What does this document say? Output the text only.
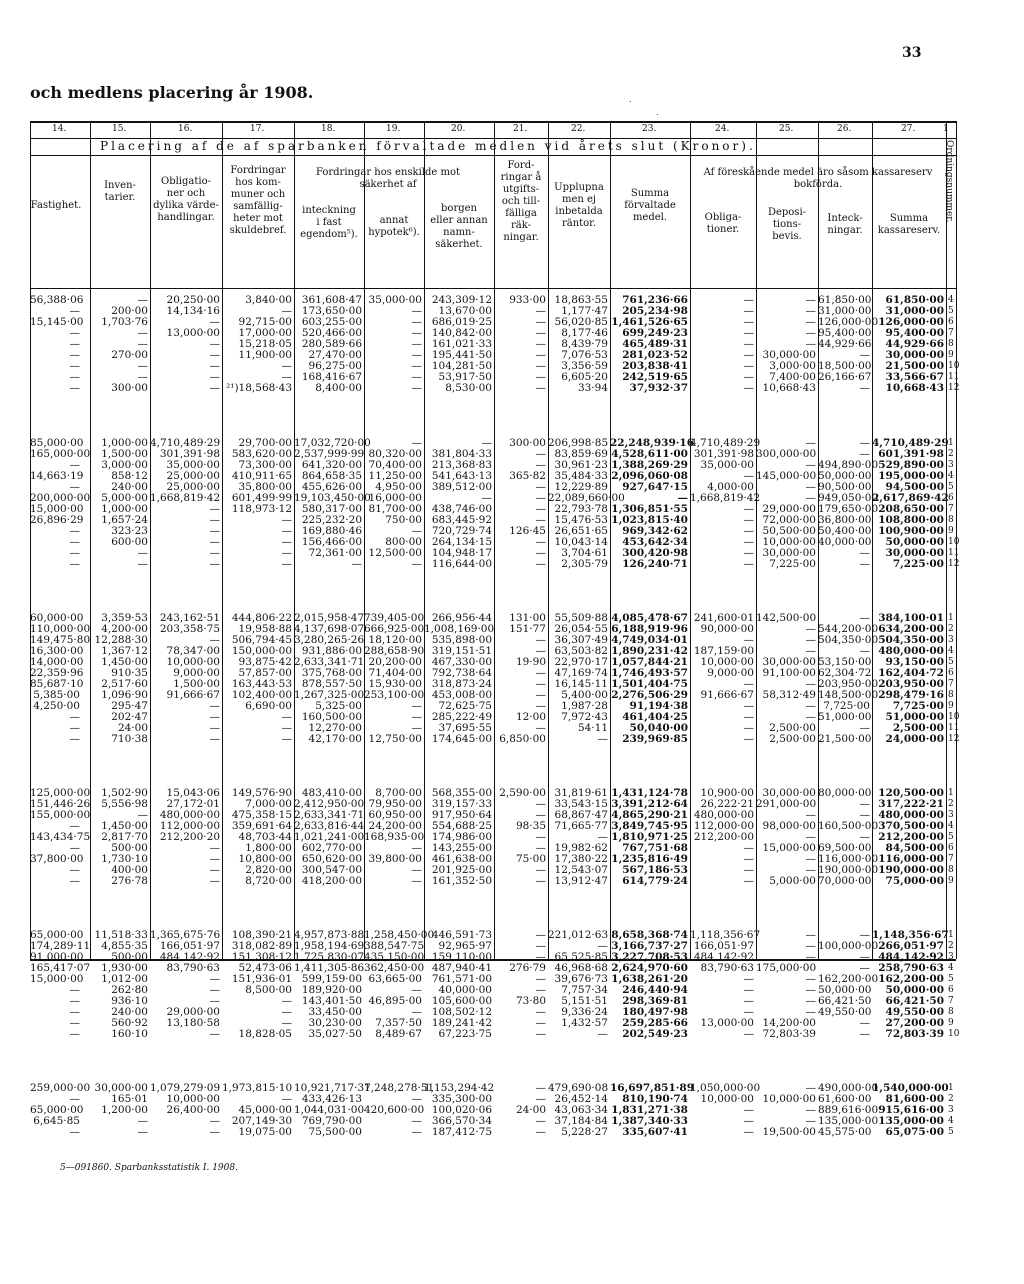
och medlens placering år 1908.
33
.
.
14.	15.	16.	17.	18.	19.	20.	21.	22.	23.	24.	25.	26.	27.	1
Placering af de af sparbanken förvaltade medlen vid årets slut (Kronor).
Fastighet.
Inven-
tarier.
Obligatio-
ner och
dylika värde-
handlingar.
Fordringar
hos kom-
muner och
samfällig-
heter mot
skuldebref.
Fordringar hos enskilde mot
säkerhet af
inteckning
i fast
egendom⁵).
annat
hypotek⁶).
borgen
eller annan
namn-
säkerhet.
Ford-
ringar å
utgifts-
och till-
fälliga
räk-
ningar.
Upplupna
men ej
inbetalda
räntor.
Summa
förvaltade
medel.
Af föreskående medel äro såsom kassareserv
bokförda.
Obliga-
tioner.
Deposi-
tions-
bevis.
Inteck-
ningar.
Summa
kassareserv.
Ordningsnummer.
56,388·06	—	20,250·00	3,840·00	361,608·47	35,000·00	243,309·12	933·00	18,863·55	761,236·66	—	—	61,850·00	61,850·00	4
—	200·00	14,134·16	—	173,650·00	—	13,670·00	—	1,177·47	205,234·98	—	—	31,000·00	31,000·00	5
15,145·00	1,703·76	—	92,715·00	603,255·00	—	686,019·25	—	56,020·85	1,461,526·65	—	—	126,000·00	126,000·00	6
—	—	13,000·00	17,000·00	520,466·00	—	140,842·00	—	8,177·46	699,249·23	—	—	95,400·00	95,400·00	7
—	—	—	15,218·05	280,589·66	—	161,021·33	—	8,439·79	465,489·31	—	—	44,929·66	44,929·66	8
—	270·00	—	11,900·00	27,470·00	—	195,441·50	—	7,076·53	281,023·52	—	30,000·00	—	30,000·00	9
—	—	—	—	96,275·00	—	104,281·50	—	3,356·59	203,838·41	—	3,000·00	18,500·00	21,500·00	10
—	—	—	—	168,416·67	—	53,917·50	—	6,605·20	242,519·65	—	7,400·00	26,166·67	33,566·67	11
—	300·00	—	²¹)18,568·43	8,400·00	—	8,530·00	—	33·94	37,932·37	—	10,668·43	—	10,668·43	12

85,000·00	1,000·00	4,710,489·29	29,700·00	17,032,720·00	—	—	300·00	206,998·85	22,248,939·16	4,710,489·29	—	—	4,710,489·29	1
165,000·00	1,500·00	301,391·98	583,620·00	2,537,999·99	80,320·00	381,804·33	—	83,859·69	4,528,611·00	301,391·98	300,000·00	—	601,391·98	2
—	3,000·00	35,000·00	73,300·00	641,320·00	70,400·00	213,368·83	—	30,961·23	1,388,269·29	35,000·00	—	494,890·00	529,890·00	3
14,663·19	858·12	25,000·00	410,911·65	864,658·35	11,250·00	541,643·13	365·82	35,484·33	2,096,060·08	—	145,000·00	50,000·00	195,000·00	4
—	240·00	25,000·00	35,800·00	455,626·00	4,950·00	389,512·00	—	12,229·89	927,647·15	4,000·00	—	90,500·00	94,500·00	5
200,000·00	5,000·00	1,668,819·42	601,499·99	19,103,450·00	16,000·00	—	—	22,089,660·00	—	1,668,819·42	—	949,050·00	2,617,869·42	6
15,000·00	1,000·00	—	118,973·12	580,317·00	81,700·00	438,746·00	—	22,793·78	1,306,851·55	—	29,000·00	179,650·00	208,650·00	7
26,896·29	1,657·24	—	—	225,232·20	750·00	683,445·92	—	15,476·53	1,023,815·40	—	72,000·00	36,800·00	108,800·00	8
—	323·23	—	—	169,880·46	—	720,729·74	126·45	26,651·65	969,342·62	—	50,500·00	50,400·00	100,900·00	9
—	600·00	—	—	156,466·00	800·00	264,134·15	—	10,043·14	453,642·34	—	10,000·00	40,000·00	50,000·00	10
—	—	—	—	72,361·00	12,500·00	104,948·17	—	3,704·61	300,420·98	—	30,000·00	—	30,000·00	11
—	—	—	—	—	—	116,644·00	—	2,305·79	126,240·71	—	7,225·00	—	7,225·00	12

60,000·00	3,359·53	243,162·51	444,806·22	2,015,958·47	739,405·00	266,956·44	131·00	55,509·88	4,085,478·67	241,600·01	142,500·00	—	384,100·01	1
110,000·00	4,200·00	203,358·75	19,958·88	4,137,698·07	666,925·00	1,008,169·00	151·77	26,054·55	6,188,919·96	90,000·00	—	544,200·00	634,200·00	2
149,475·80	12,288·30	—	506,794·45	3,280,265·26	18,120·00	535,898·00	—	36,307·49	4,749,034·01	—	—	504,350·00	504,350·00	3
16,300·00	1,367·12	78,347·00	150,000·00	931,886·00	288,658·90	319,151·51	—	63,503·82	1,890,231·42	187,159·00	—	—	480,000·00	4
14,000·00	1,450·00	10,000·00	93,875·42	2,633,341·71	20,200·00	467,330·00	19·90	22,970·17	1,057,844·21	10,000·00	30,000·00	53,150·00	93,150·00	5
22,359·96	910·35	9,000·00	57,857·00	375,768·00	71,404·00	792,738·64	—	47,169·74	1,746,493·57	9,000·00	91,100·00	62,304·72	162,404·72	6
85,687·10	2,517·60	1,500·00	163,443·53	878,557·50	15,930·00	318,873·24	—	16,145·11	1,501,404·75	—	—	203,950·00	203,950·00	7
5,385·00	1,096·90	91,666·67	102,400·00	1,267,325·00	253,100·00	453,008·00	—	5,400·00	2,276,506·29	91,666·67	58,312·49	148,500·00	298,479·16	8
4,250·00	295·47	—	6,690·00	5,325·00	—	72,625·75	—	1,987·28	91,194·38	—	—	7,725·00	7,725·00	9
—	202·47	—	—	160,500·00	—	285,222·49	12·00	7,972·43	461,404·25	—	—	51,000·00	51,000·00	10
—	24·00	—	—	12,270·00	—	37,695·55	—	54·11	50,040·00	—	2,500·00	—	2,500·00	11
—	710·38	—	—	42,170·00	12,750·00	174,645·00	6,850·00	—	239,969·85	—	2,500·00	21,500·00	24,000·00	12

125,000·00	1,502·90	15,043·06	149,576·90	483,410·00	8,700·00	568,355·00	2,590·00	31,819·61	1,431,124·78	10,900·00	30,000·00	80,000·00	120,500·00	1
151,446·26	5,556·98	27,172·01	7,000·00	2,412,950·00	79,950·00	319,157·33	—	33,543·15	3,391,212·64	26,222·21	291,000·00	—	317,222·21	2
155,000·00	—	480,000·00	475,358·15	2,633,341·71	60,950·00	917,950·64	—	68,867·47	4,865,290·21	480,000·00	—	—	480,000·00	3
—	1,450·00	112,000·00	359,691·64	2,633,816·44	24,200·00	554,688·25	98·35	71,665·77	3,849,745·95	112,000·00	98,000·00	160,500·00	370,500·00	4
143,434·75	2,817·70	212,200·20	48,703·44	1,021,241·00	168,935·00	174,986·00	—	—	1,810,971·25	212,200·00	—	—	212,200·00	5
—	500·00	—	1,800·00	602,770·00	—	143,255·00	—	19,982·62	767,751·68	—	15,000·00	69,500·00	84,500·00	6
37,800·00	1,730·10	—	10,800·00	650,620·00	39,800·00	461,638·00	75·00	17,380·22	1,235,816·49	—	—	116,000·00	116,000·00	7
—	400·00	—	2,820·00	300,547·00	—	201,925·00	—	12,543·07	567,186·53	—	—	190,000·00	190,000·00	8
—	276·78	—	8,720·00	418,200·00	—	161,352·50	—	13,912·47	614,779·24	—	5,000·00	70,000·00	75,000·00	9

65,000·00	11,518·33	1,365,675·76	108,390·21	4,957,873·88	1,258,450·00	446,591·73	—	221,012·63	8,658,368·74	1,118,356·67	—	—	1,148,356·67	1
174,289·11	4,855·35	166,051·97	318,082·89	1,958,194·69	388,547·75	92,965·97	—	—	3,166,737·27	166,051·97	—	100,000·00	266,051·97	2
91,000·00	500·00	484,142·92	151,308·12	1,725,830·07	435,150·00	159,110·00	—	65,525·85	3,227,708·53	484,142·92	—	—	484,142·92	3
165,417·07	1,930·00	83,790·63	52,473·06	1,411,305·86	362,450·00	487,940·41	276·79	46,968·68	2,624,970·60	83,790·63	175,000·00	—	258,790·63	4
15,000·00	1,012·00	—	151,936·01	599,159·00	63,665·00	761,571·00	—	39,676·73	1,638,261·20	—	—	162,200·00	162,200·00	5
—	262·80	—	8,500·00	189,920·00	—	40,000·00	—	7,757·34	246,440·94	—	—	50,000·00	50,000·00	6
—	936·10	—	—	143,401·50	46,895·00	105,600·00	73·80	5,151·51	298,369·81	—	—	66,421·50	66,421·50	7
—	240·00	29,000·00	—	33,450·00	—	108,502·12	—	9,336·24	180,497·98	—	—	49,550·00	49,550·00	8
—	560·92	13,180·58	—	30,230·00	7,357·50	189,241·42	—	1,432·57	259,285·66	13,000·00	14,200·00	—	27,200·00	9
—	160·10	—	18,828·05	35,027·50	8,489·67	67,223·75	—	—	202,549·23	—	72,803·39	—	72,803·39	10

259,000·00	30,000·00	1,079,279·09	1,973,815·10	10,921,717·37	1,248,278·51	1,153,294·42	—	479,690·08	16,697,851·89	1,050,000·00	—	490,000·00	1,540,000·00	1
—	165·01	10,000·00	—	433,426·13	—	335,300·00	—	26,452·14	810,190·74	10,000·00	10,000·00	61,600·00	81,600·00	2
65,000·00	1,200·00	26,400·00	45,000·00	1,044,031·00	420,600·00	100,020·06	24·00	43,063·34	1,831,271·38	—	—	889,616·00	915,616·00	3
6,645·85	—	—	207,149·30	769,790·00	—	366,570·34	—	37,184·84	1,387,340·33	—	—	135,000·00	135,000·00	4
—	—	—	19,075·00	75,500·00	—	187,412·75	—	5,228·27	335,607·41	—	19,500·00	45,575·00	65,075·00	5
5—091860. Sparbanksstatistik I. 1908.
